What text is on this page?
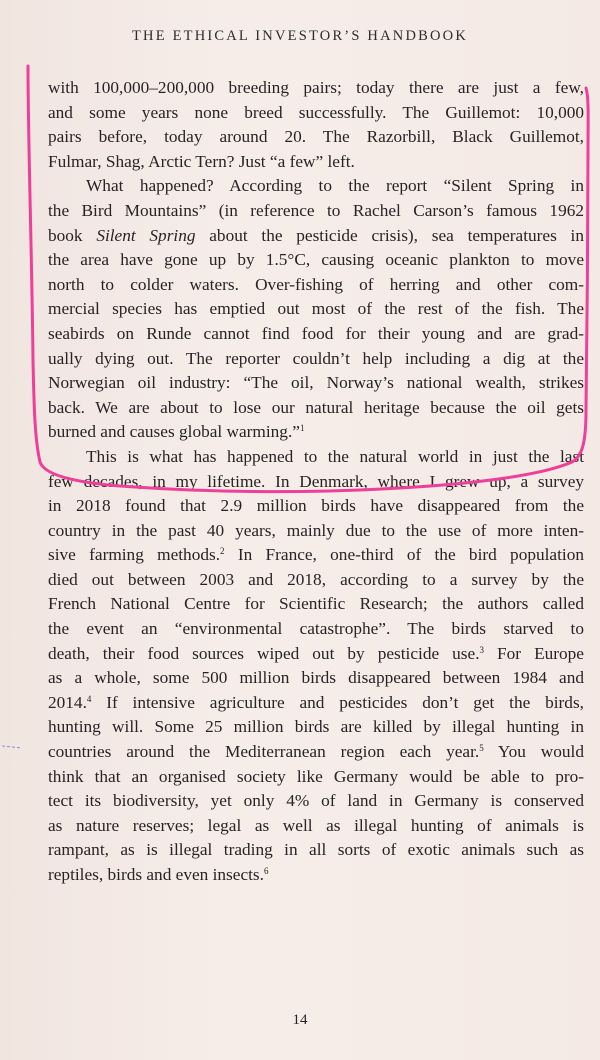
THE ETHICAL INVESTOR’S HANDBOOK

with 100,000–200,000 breeding pairs; today there are just a few,
and some years none breed successfully. The Guillemot: 10,000
pairs before, today around 20. The Razorbill, Black Guillemot,
Fulmar, Shag, Arctic Tern? Just “a few” left.

What happened? According to the report “Silent Spring in
the Bird Mountains” (in reference to Rachel Carson’s famous 1962
book Silent Spring about the pesticide crisis), sea temperatures in
the area have gone up by 1.5°C, causing oceanic plankton to move
north to colder waters. Over-fishing of herring and other com-
mercial species has emptied out most of the rest of the fish. The
seabirds on Runde cannot find food for their young and are grad-
ually dying out. The reporter couldn’t help including a dig at the
Norwegian oil industry: “The oil, Norway’s national wealth, strikes
back. We are about to lose our natural heritage because the oil gets
burned and causes global warming.”$^1$

This is what has happened to the natural world in just the last
few decades, in my lifetime. In Denmark, where I grew up, a survey
in 2018 found that 2.9 million birds have disappeared from the
country in the past 40 years, mainly due to the use of more inten-
sive farming methods.$^2$ In France, one-third of the bird population
died out between 2003 and 2018, according to a survey by the
French National Centre for Scientific Research; the authors called
the event an “environmental catastrophe”. The birds starved to
death, their food sources wiped out by pesticide use.$^3$ For Europe
as a whole, some 500 million birds disappeared between 1984 and
2014.$^4$ If intensive agriculture and pesticides don’t get the birds,
hunting will. Some 25 million birds are killed by illegal hunting in
countries around the Mediterranean region each year.$^5$ You would
think that an organised society like Germany would be able to pro-
tect its biodiversity, yet only 4% of land in Germany is conserved
as nature reserves; legal as well as illegal hunting of animals is
rampant, as is illegal trading in all sorts of exotic animals such as
reptiles, birds and even insects.$^6$

14
